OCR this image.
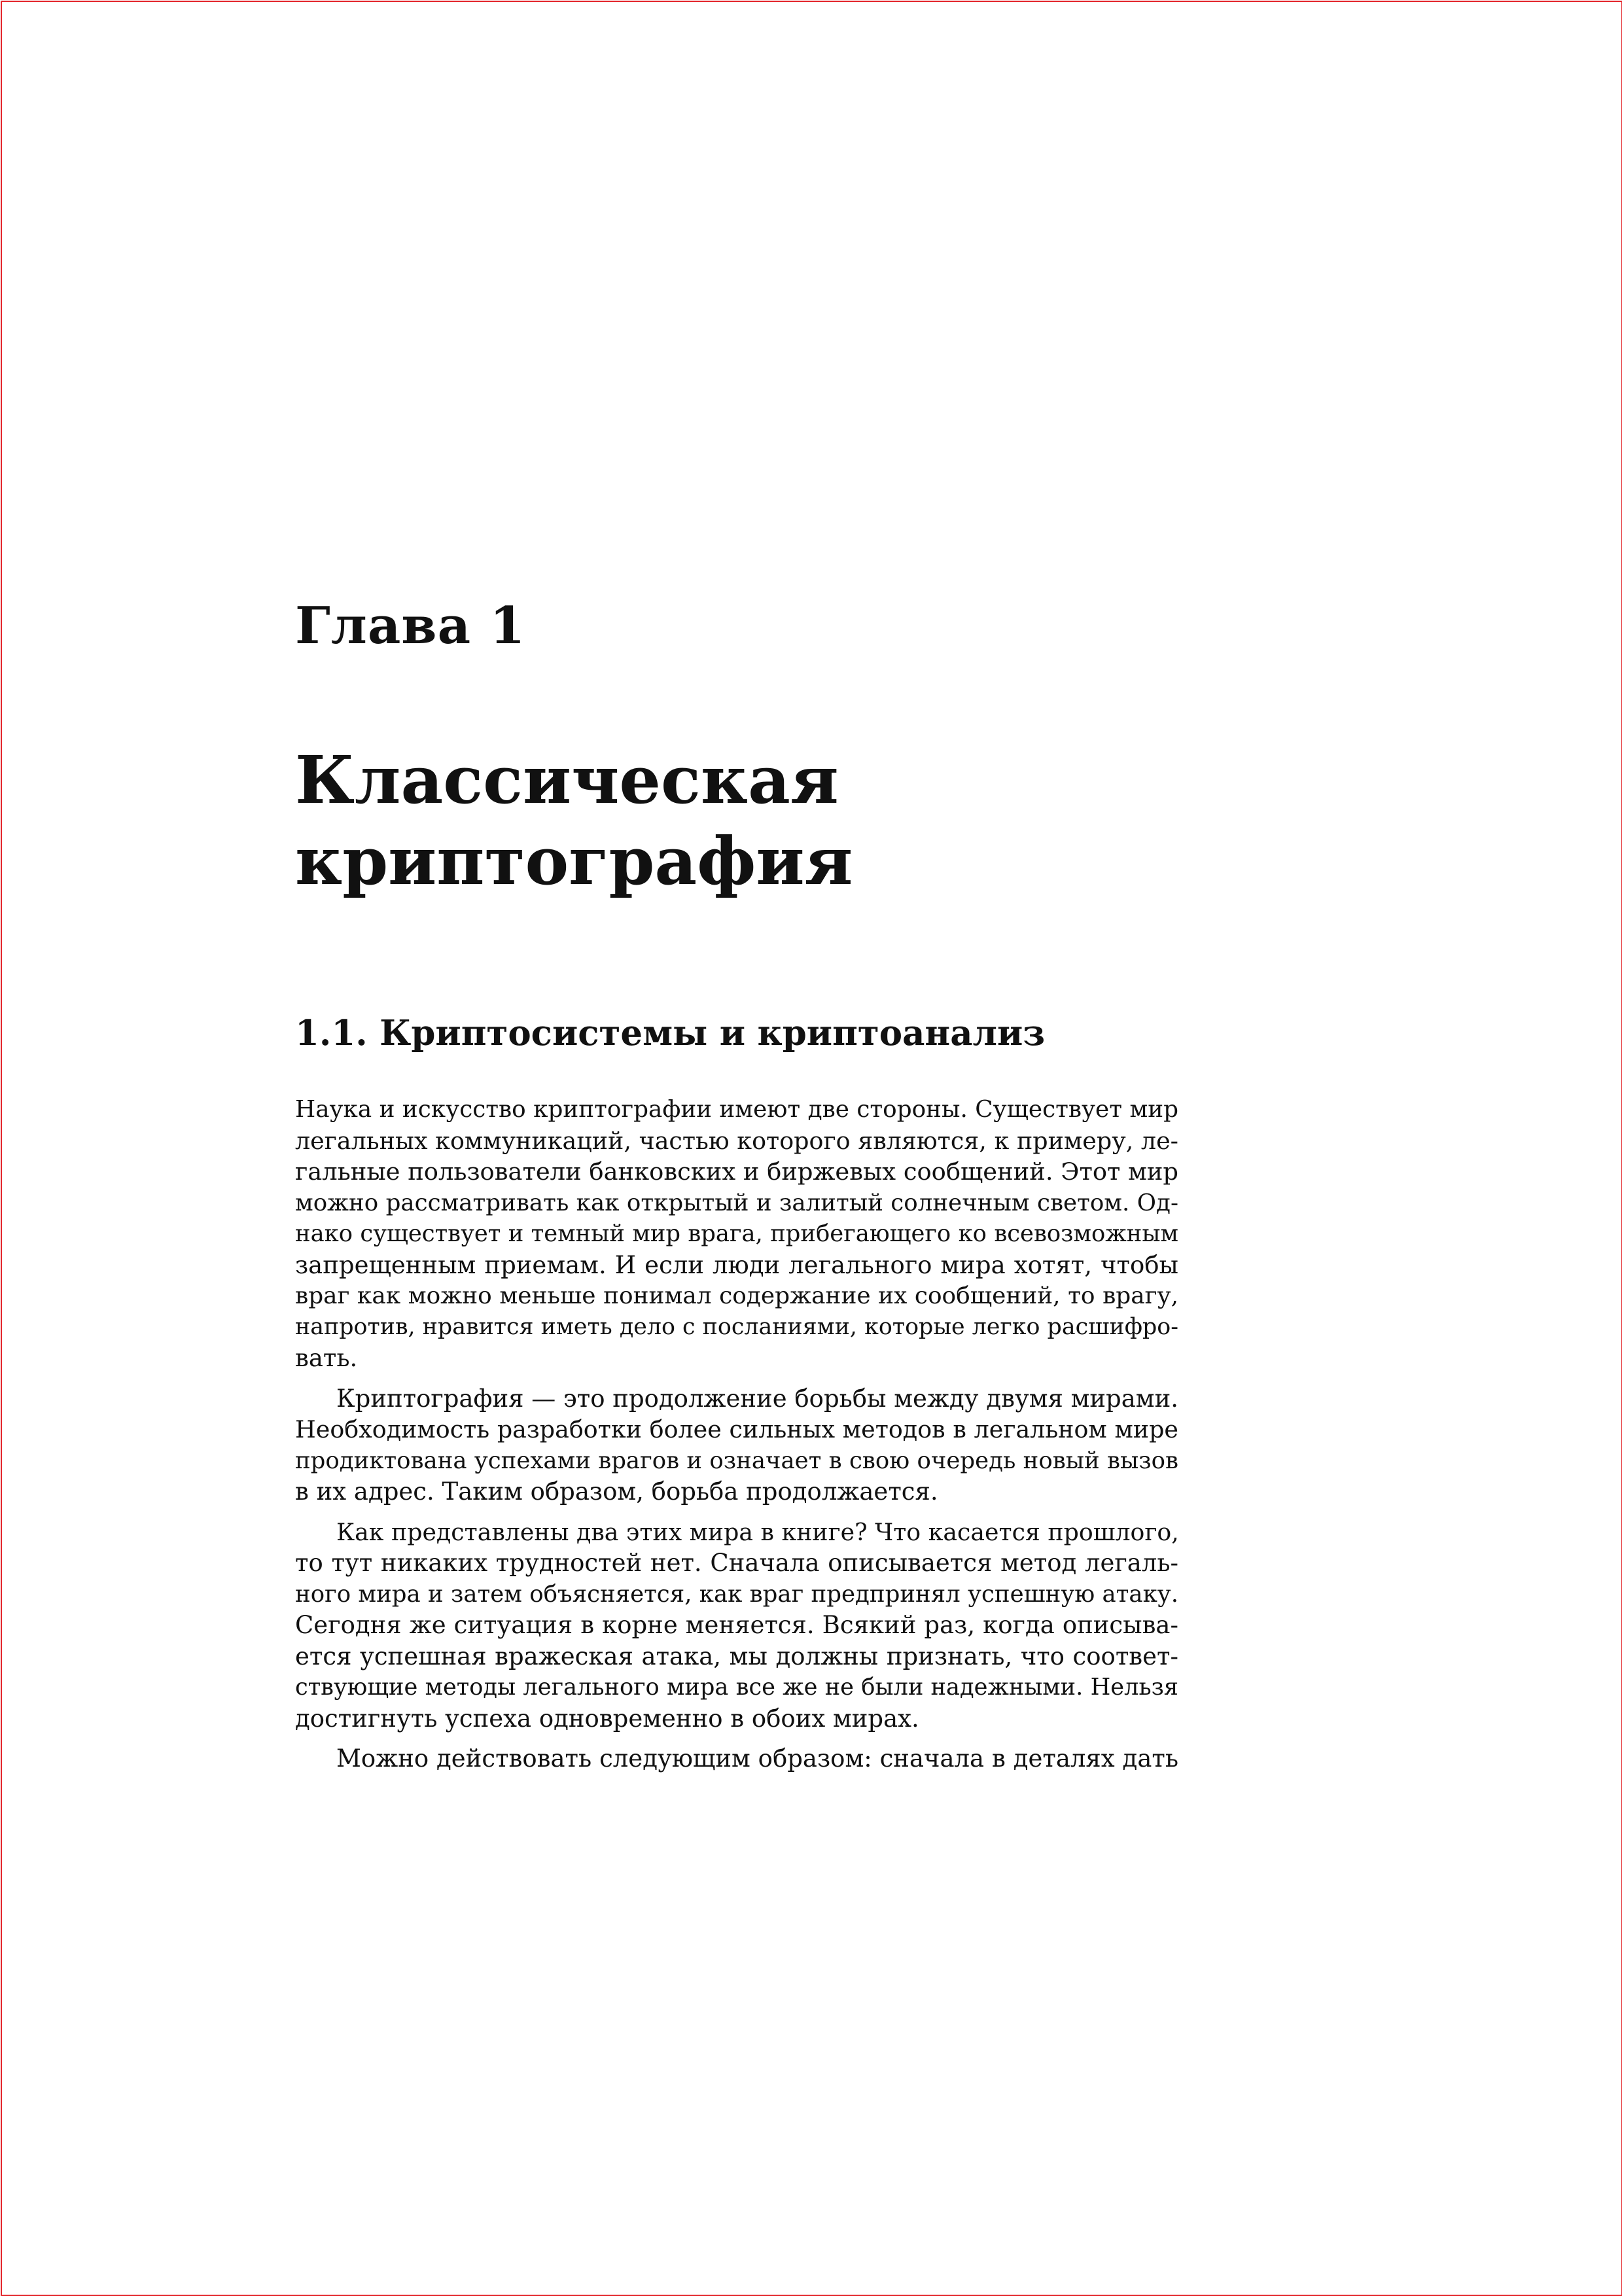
Глава 1
Классическая
криптография
1.1. Криптосистемы и криптоанализ
Наука и искусство криптографии имеют две стороны. Существует мир
легальных коммуникаций, частью которого являются, к примеру, ле-
гальные пользователи банковских и биржевых сообщений. Этот мир
можно рассматривать как открытый и залитый солнечным светом. Од-
нако существует и темный мир врага, прибегающего ко всевозможным
запрещенным приемам. И если люди легального мира хотят, чтобы
враг как можно меньше понимал содержание их сообщений, то врагу,
напротив, нравится иметь дело с посланиями, которые легко расшифро-
вать.
Криптография — это продолжение борьбы между двумя мирами.
Необходимость разработки более сильных методов в легальном мире
продиктована успехами врагов и означает в свою очередь новый вызов
в их адрес. Таким образом, борьба продолжается.
Как представлены два этих мира в книге? Что касается прошлого,
то тут никаких трудностей нет. Сначала описывается метод легаль-
ного мира и затем объясняется, как враг предпринял успешную атаку.
Сегодня же ситуация в корне меняется. Всякий раз, когда описыва-
ется успешная вражеская атака, мы должны признать, что соответ-
ствующие методы легального мира все же не были надежными. Нельзя
достигнуть успеха одновременно в обоих мирах.
Можно действовать следующим образом: сначала в деталях дать
